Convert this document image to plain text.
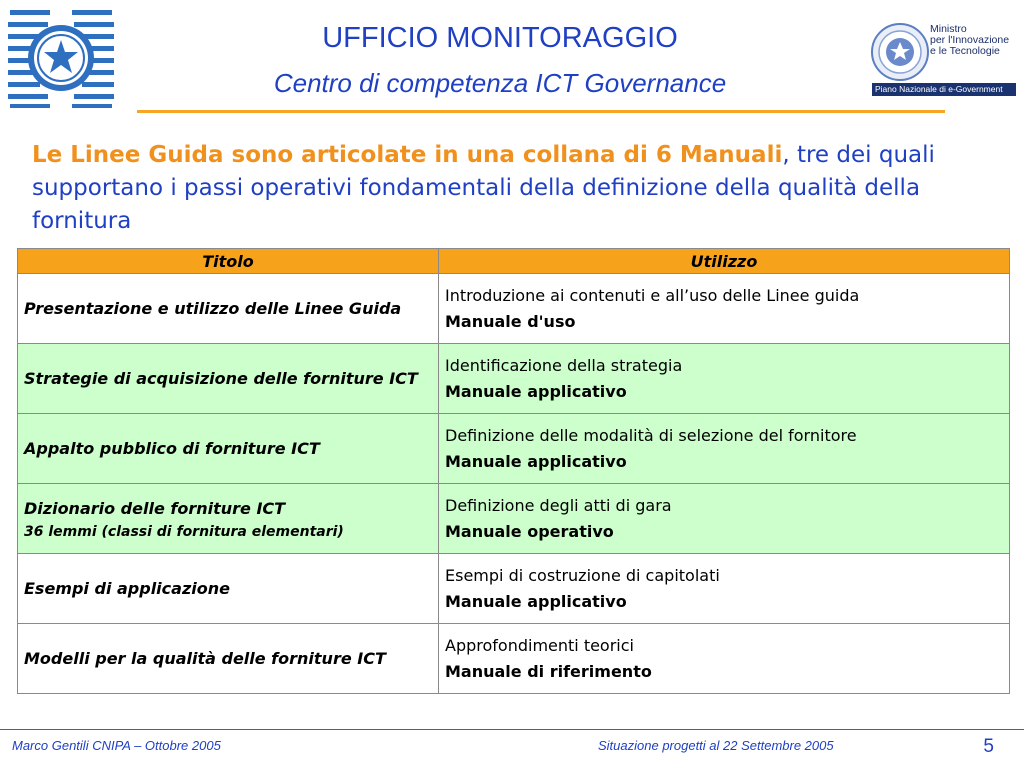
UFFICIO MONITORAGGIO
Centro di competenza ICT Governance
Ministro
per l'Innovazione
e le Tecnologie
Piano Nazionale di e-Government
Le Linee Guida sono articolate in una collana di 6 Manuali, tre dei quali supportano i passi operativi fondamentali della definizione della qualità della fornitura
Titolo	Utilizzo
Presentazione e utilizzo delle Linee Guida	Introduzione ai contenuti e all’uso delle Linee guida
Manuale d'uso

Strategie di acquisizione delle forniture ICT	Identificazione della strategia
Manuale applicativo

Appalto pubblico di forniture ICT	Definizione delle modalità di selezione del fornitore
Manuale applicativo

Dizionario delle forniture ICT
36 lemmi (classi di fornitura elementari)	Definizione degli atti di gara
Manuale operativo

Esempi di applicazione	Esempi di costruzione di capitolati
Manuale applicativo

Modelli per la qualità delle forniture ICT	Approfondimenti teorici
Manuale di riferimento
Marco Gentili CNIPA – Ottobre 2005	Situazione progetti al 22 Settembre 2005	5
